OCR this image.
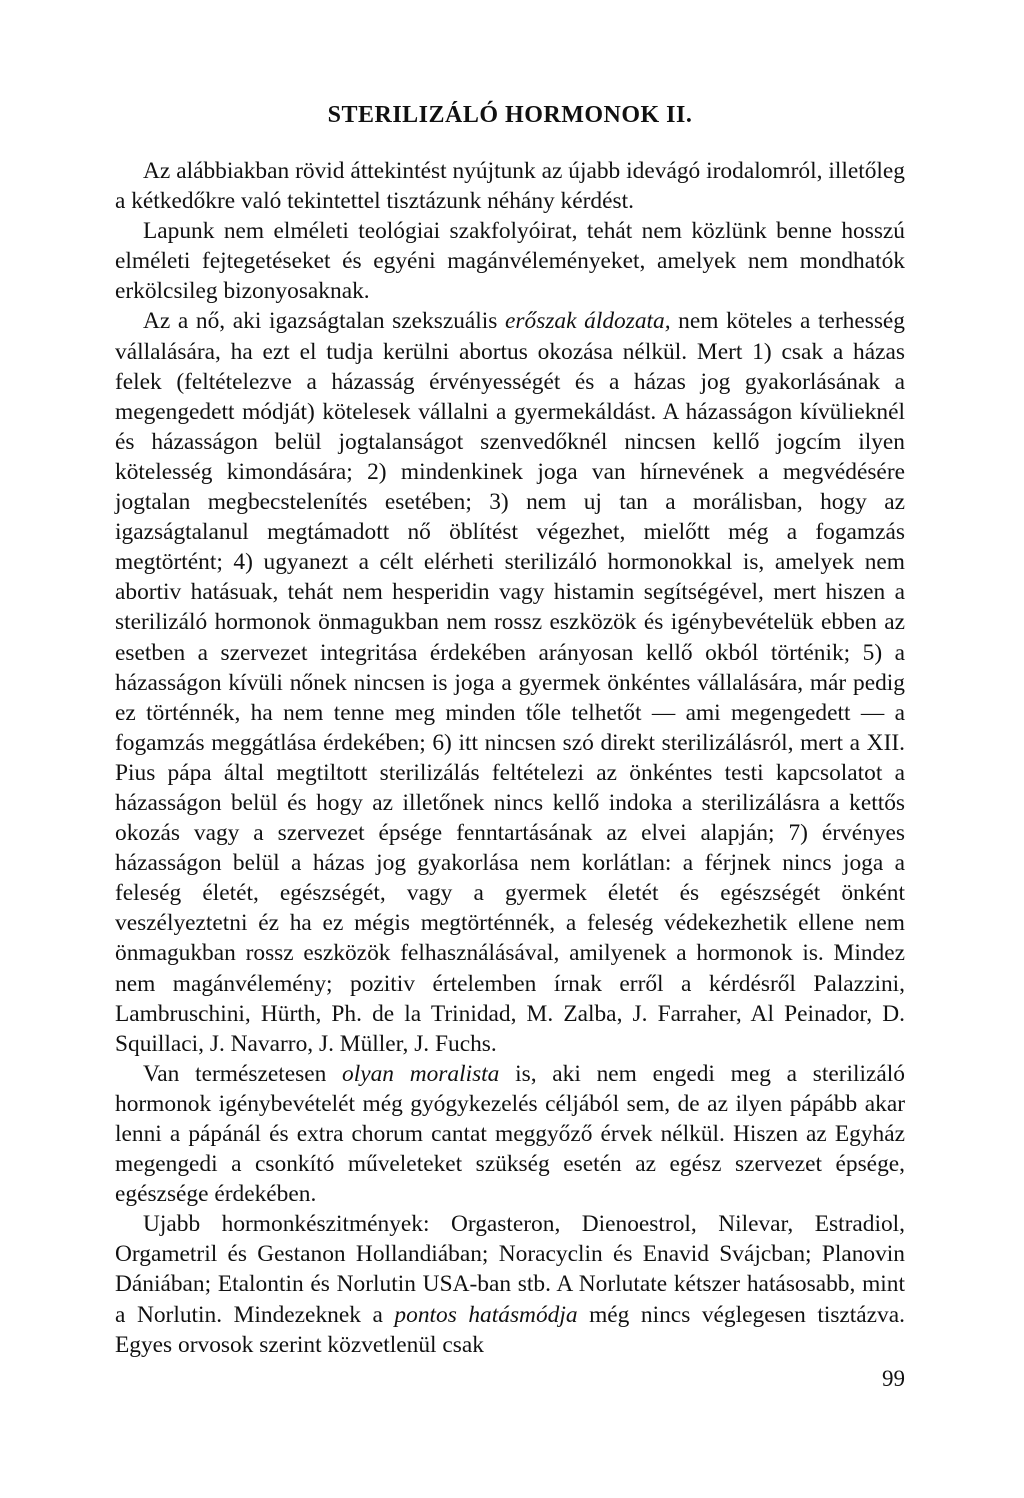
STERILIZÁLÓ HORMONOK II.

Az alábbiakban rövid áttekintést nyújtunk az újabb idevágó irodalomról, illetőleg a kétkedőkre való tekintettel tisztázunk néhány kérdést.

Lapunk nem elméleti teológiai szakfolyóirat, tehát nem közlünk benne hosszú elméleti fejtegetéseket és egyéni magánvéleményeket, amelyek nem mondhatók erkölcsileg bizonyosaknak.

Az a nő, aki igazságtalan szekszuális erőszak áldozata, nem köteles a terhesség vállalására, ha ezt el tudja kerülni abortus okozása nélkül. Mert 1) csak a házas felek (feltételezve a házasság érvényességét és a házas jog gyakorlásának a megengedett módját) kötelesek vállalni a gyermekáldást. A házasságon kívülieknél és házasságon belül jogtalanságot szenvedőknél nincsen kellő jogcím ilyen kötelesség kimondására; 2) mindenkinek joga van hírnevének a megvédésére jogtalan megbecstelenítés esetében; 3) nem uj tan a morálisban, hogy az igazságtalanul megtámadott nő öblítést végezhet, mielőtt még a fogamzás megtörtént; 4) ugyanezt a célt elérheti sterilizáló hormonokkal is, amelyek nem abortiv hatásuak, tehát nem hesperidin vagy histamin segítségével, mert hiszen a sterilizáló hormonok önmagukban nem rossz eszközök és igénybevételük ebben az esetben a szervezet integritása érdekében arányosan kellő okból történik; 5) a házasságon kívüli nőnek nincsen is joga a gyermek önkéntes vállalására, már pedig ez történnék, ha nem tenne meg minden tőle telhetőt — ami megengedett — a fogamzás meggátlása érdekében; 6) itt nincsen szó direkt sterilizálásról, mert a XII. Pius pápa által megtiltott sterilizálás feltételezi az önkéntes testi kapcsolatot a házasságon belül és hogy az illetőnek nincs kellő indoka a sterilizálásra a kettős okozás vagy a szervezet épsége fenntartásának az elvei alapján; 7) érvényes házasságon belül a házas jog gyakorlása nem korlátlan: a férjnek nincs joga a feleség életét, egészségét, vagy a gyermek életét és egészségét önként veszélyeztetni éz ha ez mégis megtörténnék, a feleség védekezhetik ellene nem önmagukban rossz eszközök felhasználásával, amilyenek a hormonok is. Mindez nem magánvélemény; pozitiv értelemben írnak erről a kérdésről Palazzini, Lambruschini, Hürth, Ph. de la Trinidad, M. Zalba, J. Farraher, Al Peinador, D. Squillaci, J. Navarro, J. Müller, J. Fuchs.

Van természetesen olyan moralista is, aki nem engedi meg a sterilizáló hormonok igénybevételét még gyógykezelés céljából sem, de az ilyen pápább akar lenni a pápánál és extra chorum cantat meggyőző érvek nélkül. Hiszen az Egyház megengedi a csonkító műveleteket szükség esetén az egész szervezet épsége, egészsége érdekében.

Ujabb hormonkészitmények: Orgasteron, Dienoestrol, Nilevar, Estradiol, Orgametril és Gestanon Hollandiában; Noracyclin és Enavid Svájcban; Planovin Dániában; Etalontin és Norlutin USA-ban stb. A Norlutate kétszer hatásosabb, mint a Norlutin. Mindezeknek a pontos hatásmódja még nincs véglegesen tisztázva. Egyes orvosok szerint közvetlenül csak

99
